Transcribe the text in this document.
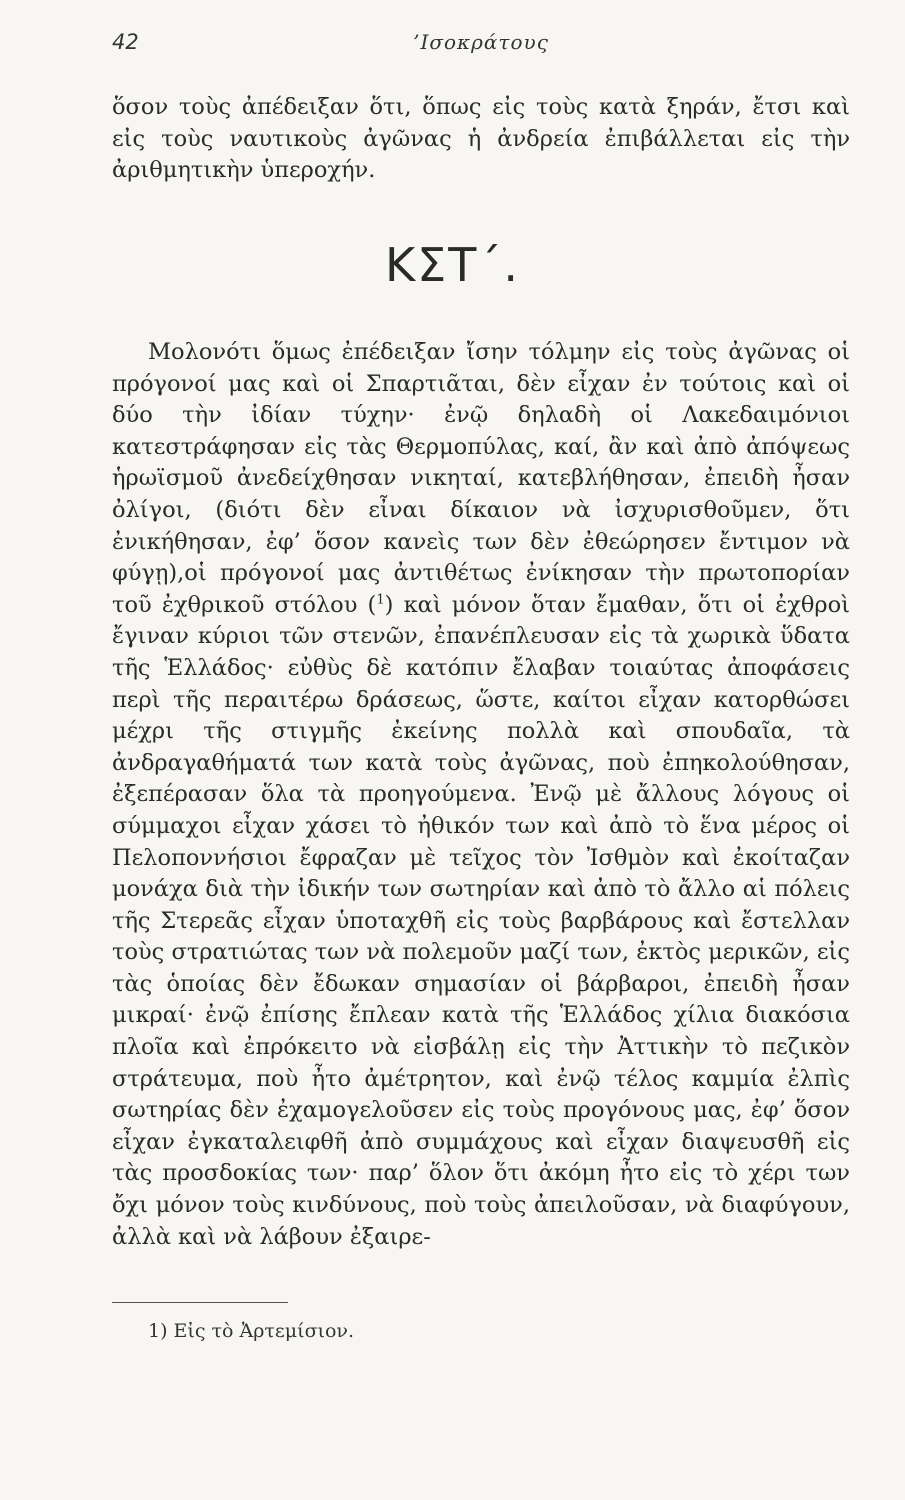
42	’Ισοκράτους

ὅσον τοὺς ἀπέδειξαν ὅτι, ὅπως εἰς τοὺς κατὰ ξηράν, ἔτσι καὶ εἰς τοὺς ναυτικοὺς ἀγῶνας ἡ ἀνδρεία ἐπιβάλλεται εἰς τὴν ἀριθμητικὴν ὑπεροχήν.

ΚΣΤ΄.

Μολονότι ὅμως ἐπέδειξαν ἴσην τόλμην εἰς τοὺς ἀγῶνας οἱ πρόγονοί μας καὶ οἱ Σπαρτιᾶται, δὲν εἶχαν ἐν τούτοις καὶ οἱ δύο τὴν ἰδίαν τύχην· ἐνῷ δηλαδὴ οἱ Λακεδαιμόνιοι κατεστράφησαν εἰς τὰς Θερμοπύλας, καί, ἂν καὶ ἀπὸ ἀπόψεως ἡρωϊσμοῦ ἀνεδείχθησαν νικηταί, κατεβλήθησαν, ἐπειδὴ ἦσαν ὀλίγοι, (διότι δὲν εἶναι δίκαιον νὰ ἰσχυρισθοῦμεν, ὅτι ἐνικήθησαν, ἐφ’ ὅσον κανεὶς των δὲν ἐθεώρησεν ἔντιμον νὰ φύγῃ),οἱ πρόγονοί μας ἀντιθέτως ἐνίκησαν τὴν πρωτοπορίαν τοῦ ἐχθρικοῦ στόλου ($^1$) καὶ μόνον ὅταν ἔμαθαν, ὅτι οἱ ἐχθροὶ ἔγιναν κύριοι τῶν στενῶν, ἐπανέπλευσαν εἰς τὰ χωρικὰ ὕδατα τῆς Ἑλλάδος· εὐθὺς δὲ κατόπιν ἔλαβαν τοιαύτας ἀποφάσεις περὶ τῆς περαιτέρω δράσεως, ὥστε, καίτοι εἶχαν κατορθώσει μέχρι τῆς στιγμῆς ἐκείνης πολλὰ καὶ σπουδαῖα, τὰ ἀνδραγαθήματά των κατὰ τοὺς ἀγῶνας, ποὺ ἐπηκολούθησαν, ἐξεπέρασαν ὅλα τὰ προηγούμενα. Ἐνῷ μὲ ἄλλους λόγους οἱ σύμμαχοι εἶχαν χάσει τὸ ἠθικόν των καὶ ἀπὸ τὸ ἕνα μέρος οἱ Πελοποννήσιοι ἔφραζαν μὲ τεῖχος τὸν Ἰσθμὸν καὶ ἐκοίταζαν μονάχα διὰ τὴν ἰδικήν των σωτηρίαν καὶ ἀπὸ τὸ ἄλλο αἱ πόλεις τῆς Στερεᾶς εἶχαν ὑποταχθῆ εἰς τοὺς βαρβάρους καὶ ἔστελλαν τοὺς στρατιώτας των νὰ πολεμοῦν μαζί των, ἐκτὸς μερικῶν, εἰς τὰς ὁποίας δὲν ἔδωκαν σημασίαν οἱ βάρβαροι, ἐπειδὴ ἦσαν μικραί· ἐνῷ ἐπίσης ἔπλεαν κατὰ τῆς Ἑλλάδος χίλια διακόσια πλοῖα καὶ ἐπρόκειτο νὰ εἰσβάλῃ εἰς τὴν Ἀττικὴν τὸ πεζικὸν στράτευμα, ποὺ ἦτο ἀμέτρητον, καὶ ἐνῷ τέλος καμμία ἐλπὶς σωτηρίας δὲν ἐχαμογελοῦσεν εἰς τοὺς προγόνους μας, ἐφ’ ὅσον εἶχαν ἐγκαταλειφθῆ ἀπὸ συμμάχους καὶ εἶχαν διαψευσθῆ εἰς τὰς προσδοκίας των· παρ’ ὅλον ὅτι ἀκόμη ἦτο εἰς τὸ χέρι των ὄχι μόνον τοὺς κινδύνους, ποὺ τοὺς ἀπειλοῦσαν, νὰ διαφύγουν, ἀλλὰ καὶ νὰ λάβουν ἐξαιρε-

1) Εἰς τὸ Ἀρτεμίσιον.
